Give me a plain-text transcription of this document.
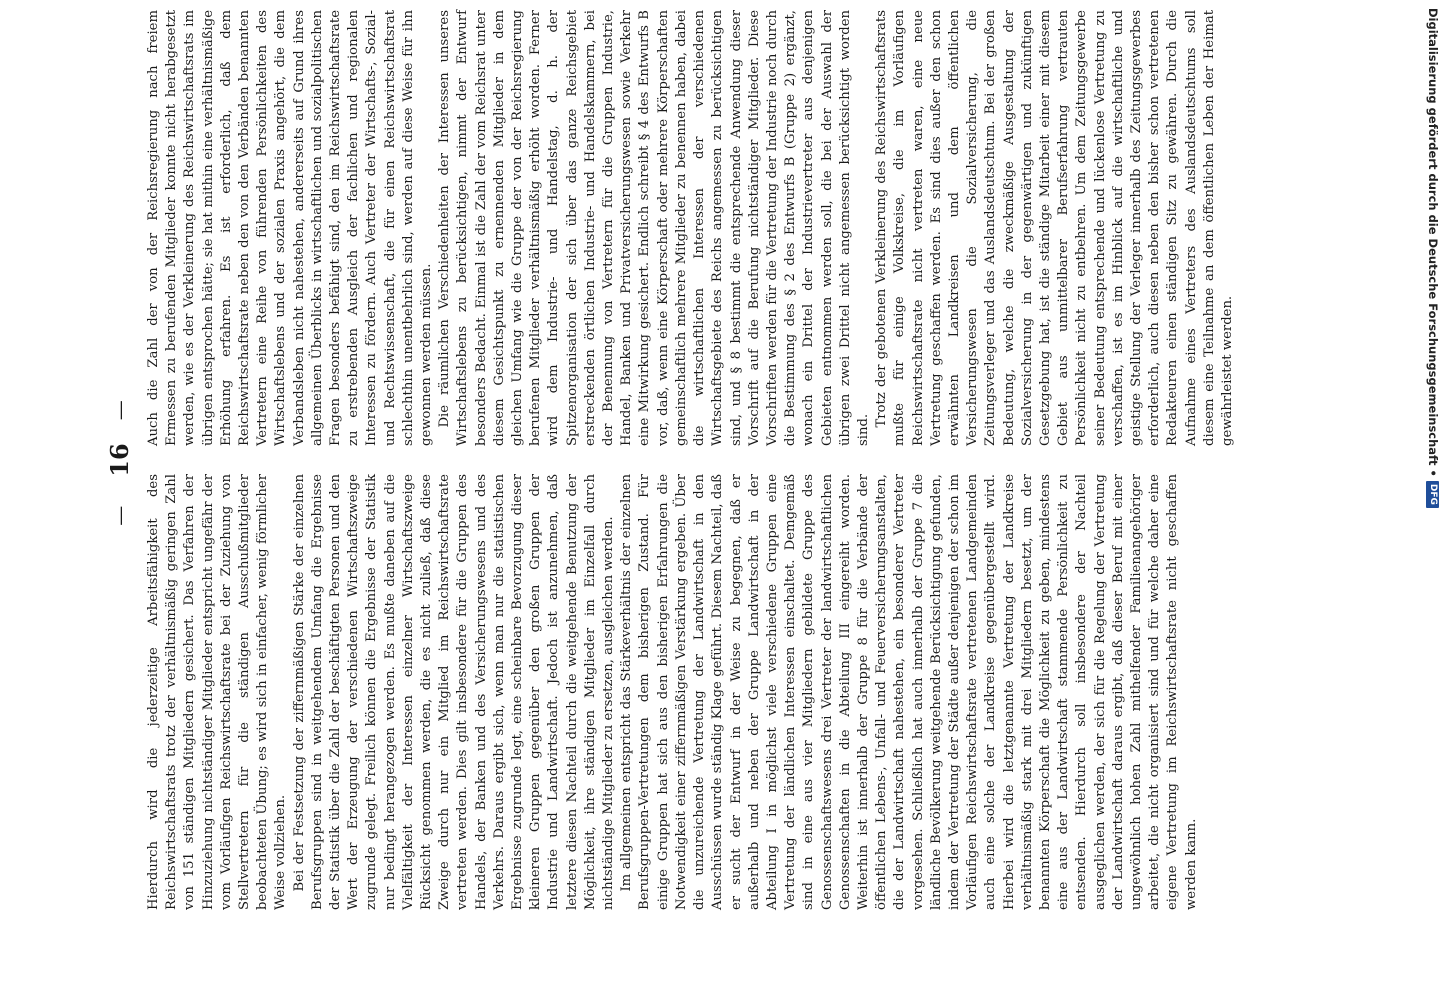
— 16 —

Hierdurch wird die jederzeitige Arbeitsfähigkeit des Reichswirtschaftsrats trotz der verhältnismäßig geringen Zahl von 151 ständigen Mitgliedern gesichert. Das Verfahren der Hinzuziehung nichtständiger Mitglieder entspricht ungefähr der vom Vorläufigen Reichswirtschaftsrate bei der Zuziehung von Stellvertretern für die ständigen Ausschußmitglieder beobachteten Übung; es wird sich in einfacher, wenig förmlicher Weise vollziehen. Bei der Festsetzung der ziffernmäßigen Stärke der einzelnen Berufsgruppen sind in weitgehendem Umfang die Ergebnisse der Statistik über die Zahl der beschäftigten Personen und den Wert der Erzeugung der verschiedenen Wirtschaftszweige zugrunde gelegt. Freilich können die Ergebnisse der Statistik nur bedingt herangezogen werden. Es mußte daneben auf die Vielfältigkeit der Interessen einzelner Wirtschaftszweige Rücksicht genommen werden, die es nicht zuließ, daß diese Zweige durch nur ein Mitglied im Reichswirtschaftsrate vertreten werden. Dies gilt insbesondere für die Gruppen des Handels, der Banken und des Versicherungswesens und des Verkehrs. Daraus ergibt sich, wenn man nur die statistischen Ergebnisse zugrunde legt, eine scheinbare Bevorzugung dieser kleineren Gruppen gegenüber den großen Gruppen der Industrie und Landwirtschaft. Jedoch ist anzunehmen, daß letztere diesen Nachteil durch die weitgehende Benutzung der Möglichkeit, ihre ständigen Mitglieder im Einzelfall durch nichtständige Mitglieder zu ersetzen, ausgleichen werden. Im allgemeinen entspricht das Stärkeverhältnis der einzelnen Berufsgruppen-Vertretungen dem bisherigen Zustand. Für einige Gruppen hat sich aus den bisherigen Erfahrungen die Notwendigkeit einer ziffernmäßigen Verstärkung ergeben. Über die unzureichende Vertretung der Landwirtschaft in den Ausschüssen wurde ständig Klage geführt. Diesem Nachteil, daß er sucht der Entwurf in der Weise zu begegnen, daß er außerhalb und neben der Gruppe Landwirtschaft in der Abteilung I in möglichst viele verschiedene Gruppen eine Vertretung der ländlichen Interessen einschaltet. Demgemäß sind in eine aus vier Mitgliedern gebildete Gruppe des Genossenschaftswesens drei Vertreter der landwirtschaftlichen Genossenschaften in die Abteilung III eingereiht worden. Weiterhin ist innerhalb der Gruppe 8 für die Verbände der öffentlichen Lebens-, Unfall- und Feuerversicherungsanstalten, die der Landwirtschaft nahestehen, ein besonderer Vertreter vorgesehen. Schließlich hat auch innerhalb der Gruppe 7 die ländliche Bevölkerung weitgehende Berücksichtigung gefunden, indem der Vertretung der Städte außer denjenigen der schon im Vorläufigen Reichswirtschaftsrate vertretenen Landgemeinden auch eine solche der Landkreise gegenübergestellt wird. Hierbei wird die letztgenannte Vertretung der Landkreise verhältnismäßig stark mit drei Mitgliedern besetzt, um der benannten Körperschaft die Möglichkeit zu geben, mindestens eine aus der Landwirtschaft stammende Persönlichkeit zu entsenden. Hierdurch soll insbesondere der Nachteil ausgeglichen werden, der sich für die Regelung der Vertretung der Landwirtschaft daraus ergibt, daß dieser Beruf mit einer ungewöhnlich hohen Zahl mithelfender Familienangehöriger arbeitet, die nicht organisiert sind und für welche daher eine eigene Vertretung im Reichswirtschaftsrate nicht geschaffen werden kann.

Auch die Zahl der von der Reichsregierung nach freiem Ermessen zu berufenden Mitglieder konnte nicht herabgesetzt werden, wie es der Verkleinerung des Reichswirtschaftsrats im übrigen entsprochen hätte; sie hat mithin eine verhältnismäßige Erhöhung erfahren. Es ist erforderlich, daß dem Reichswirtschaftsrate neben den von den Verbänden benannten Vertretern eine Reihe von führenden Persönlichkeiten des Wirtschaftslebens und der sozialen Praxis angehört, die dem Verbandsleben nicht nahestehen, andererseits auf Grund ihres allgemeinen Überblicks in wirtschaftlichen und sozialpolitischen Fragen besonders befähigt sind, den im Reichswirtschaftsrate zu erstrebenden Ausgleich der fachlichen und regionalen Interessen zu fördern. Auch Vertreter der Wirtschafts-, Sozial- und Rechtswissenschaft, die für einen Reichswirtschaftsrat schlechthin unentbehrlich sind, werden auf diese Weise für ihn gewonnen werden müssen. Die räumlichen Verschiedenheiten der Interessen unseres Wirtschaftslebens zu berücksichtigen, nimmt der Entwurf besonders Bedacht. Einmal ist die Zahl der vom Reichsrat unter diesem Gesichtspunkt zu ernennenden Mitglieder in dem gleichen Umfang wie die Gruppe der von der Reichsregierung berufenen Mitglieder verhältnismäßig erhöht worden. Ferner wird dem Industrie- und Handelstag, d. h. der Spitzenorganisation der sich über das ganze Reichsgebiet erstreckenden örtlichen Industrie- und Handelskammern, bei der Benennung von Vertretern für die Gruppen Industrie, Handel, Banken und Privatversicherungswesen sowie Verkehr eine Mitwirkung gesichert. Endlich schreibt § 4 des Entwurfs B vor, daß, wenn eine Körperschaft oder mehrere Körperschaften gemeinschaftlich mehrere Mitglieder zu benennen haben, dabei die wirtschaftlichen Interessen der verschiedenen Wirtschaftsgebiete des Reichs angemessen zu berücksichtigen sind, und § 8 bestimmt die entsprechende Anwendung dieser Vorschrift auf die Berufung nichtständiger Mitglieder. Diese Vorschriften werden für die Vertretung der Industrie noch durch die Bestimmung des § 2 des Entwurfs B (Gruppe 2) ergänzt, wonach ein Drittel der Industrievertreter aus denjenigen Gebieten entnommen werden soll, die bei der Auswahl der übrigen zwei Drittel nicht angemessen berücksichtigt worden sind.

Trotz der gebotenen Verkleinerung des Reichswirtschaftsrats mußte für einige Volkskreise, die im Vorläufigen Reichswirtschaftsrate nicht vertreten waren, eine neue Vertretung geschaffen werden. Es sind dies außer den schon erwähnten Landkreisen und dem öffentlichen Versicherungswesen die Sozialversicherung, die Zeitungsverleger und das Auslandsdeutschtum. Bei der großen Bedeutung, welche die zweckmäßige Ausgestaltung der Sozialversicherung in der gegenwärtigen und zukünftigen Gesetzgebung hat, ist die ständige Mitarbeit einer mit diesem Gebiet aus unmittelbarer Berufserfahrung vertrauten Persönlichkeit nicht zu entbehren. Um dem Zeitungsgewerbe seiner Bedeutung entsprechende und lückenlose Vertretung zu verschaffen, ist es im Hinblick auf die wirtschaftliche und geistige Stellung der Verleger innerhalb des Zeitungsgewerbes erforderlich, auch diesen neben den bisher schon vertretenen Redakteuren einen ständigen Sitz zu gewähren. Durch die Aufnahme eines Vertreters des Auslandsdeutschtums soll diesem eine Teilnahme an dem öffentlichen Leben der Heimat gewährleistet werden.	Digitalisierung gefördert durch die Deutsche Forschungsgemeinschaft •
DFG
